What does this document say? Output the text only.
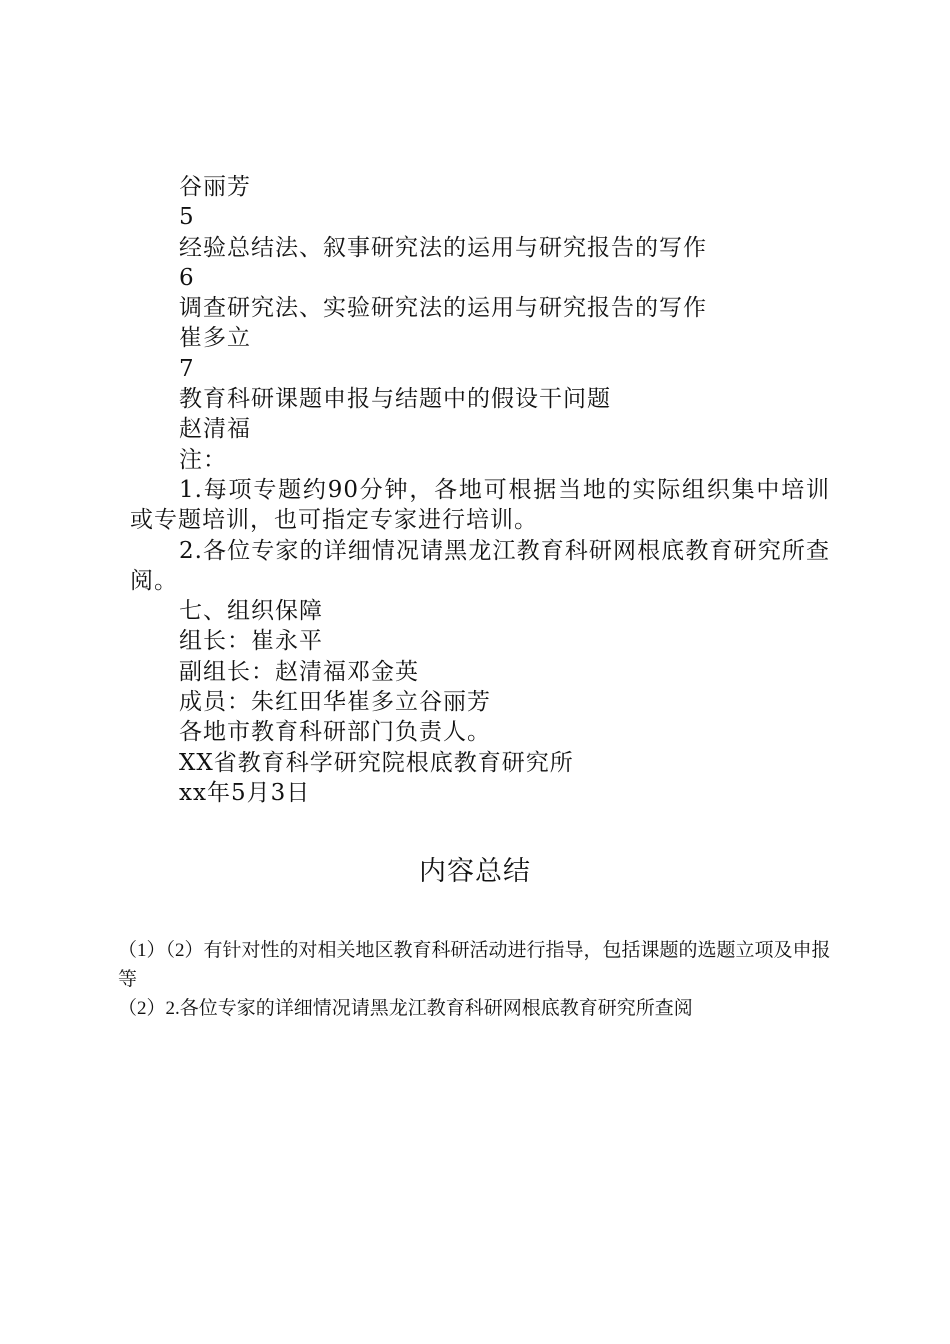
谷丽芳
5
经验总结法、叙事研究法的运用与研究报告的写作
6
调查研究法、实验研究法的运用与研究报告的写作
崔多立
7
教育科研课题申报与结题中的假设干问题
赵清福
注：
1.每项专题约90分钟，各地可根据当地的实际组织集中培训或专题培训，也可指定专家进行培训。
2.各位专家的详细情况请黑龙江教育科研网根底教育研究所查阅。
七、组织保障
组长：崔永平
副组长：赵清福邓金英
成员：朱红田华崔多立谷丽芳
各地市教育科研部门负责人。
XX省教育科学研究院根底教育研究所
xx年5月3日
内容总结
（1）（2）有针对性的对相关地区教育科研活动进行指导，包括课题的选题立项及申报等
（2）2.各位专家的详细情况请黑龙江教育科研网根底教育研究所查阅
